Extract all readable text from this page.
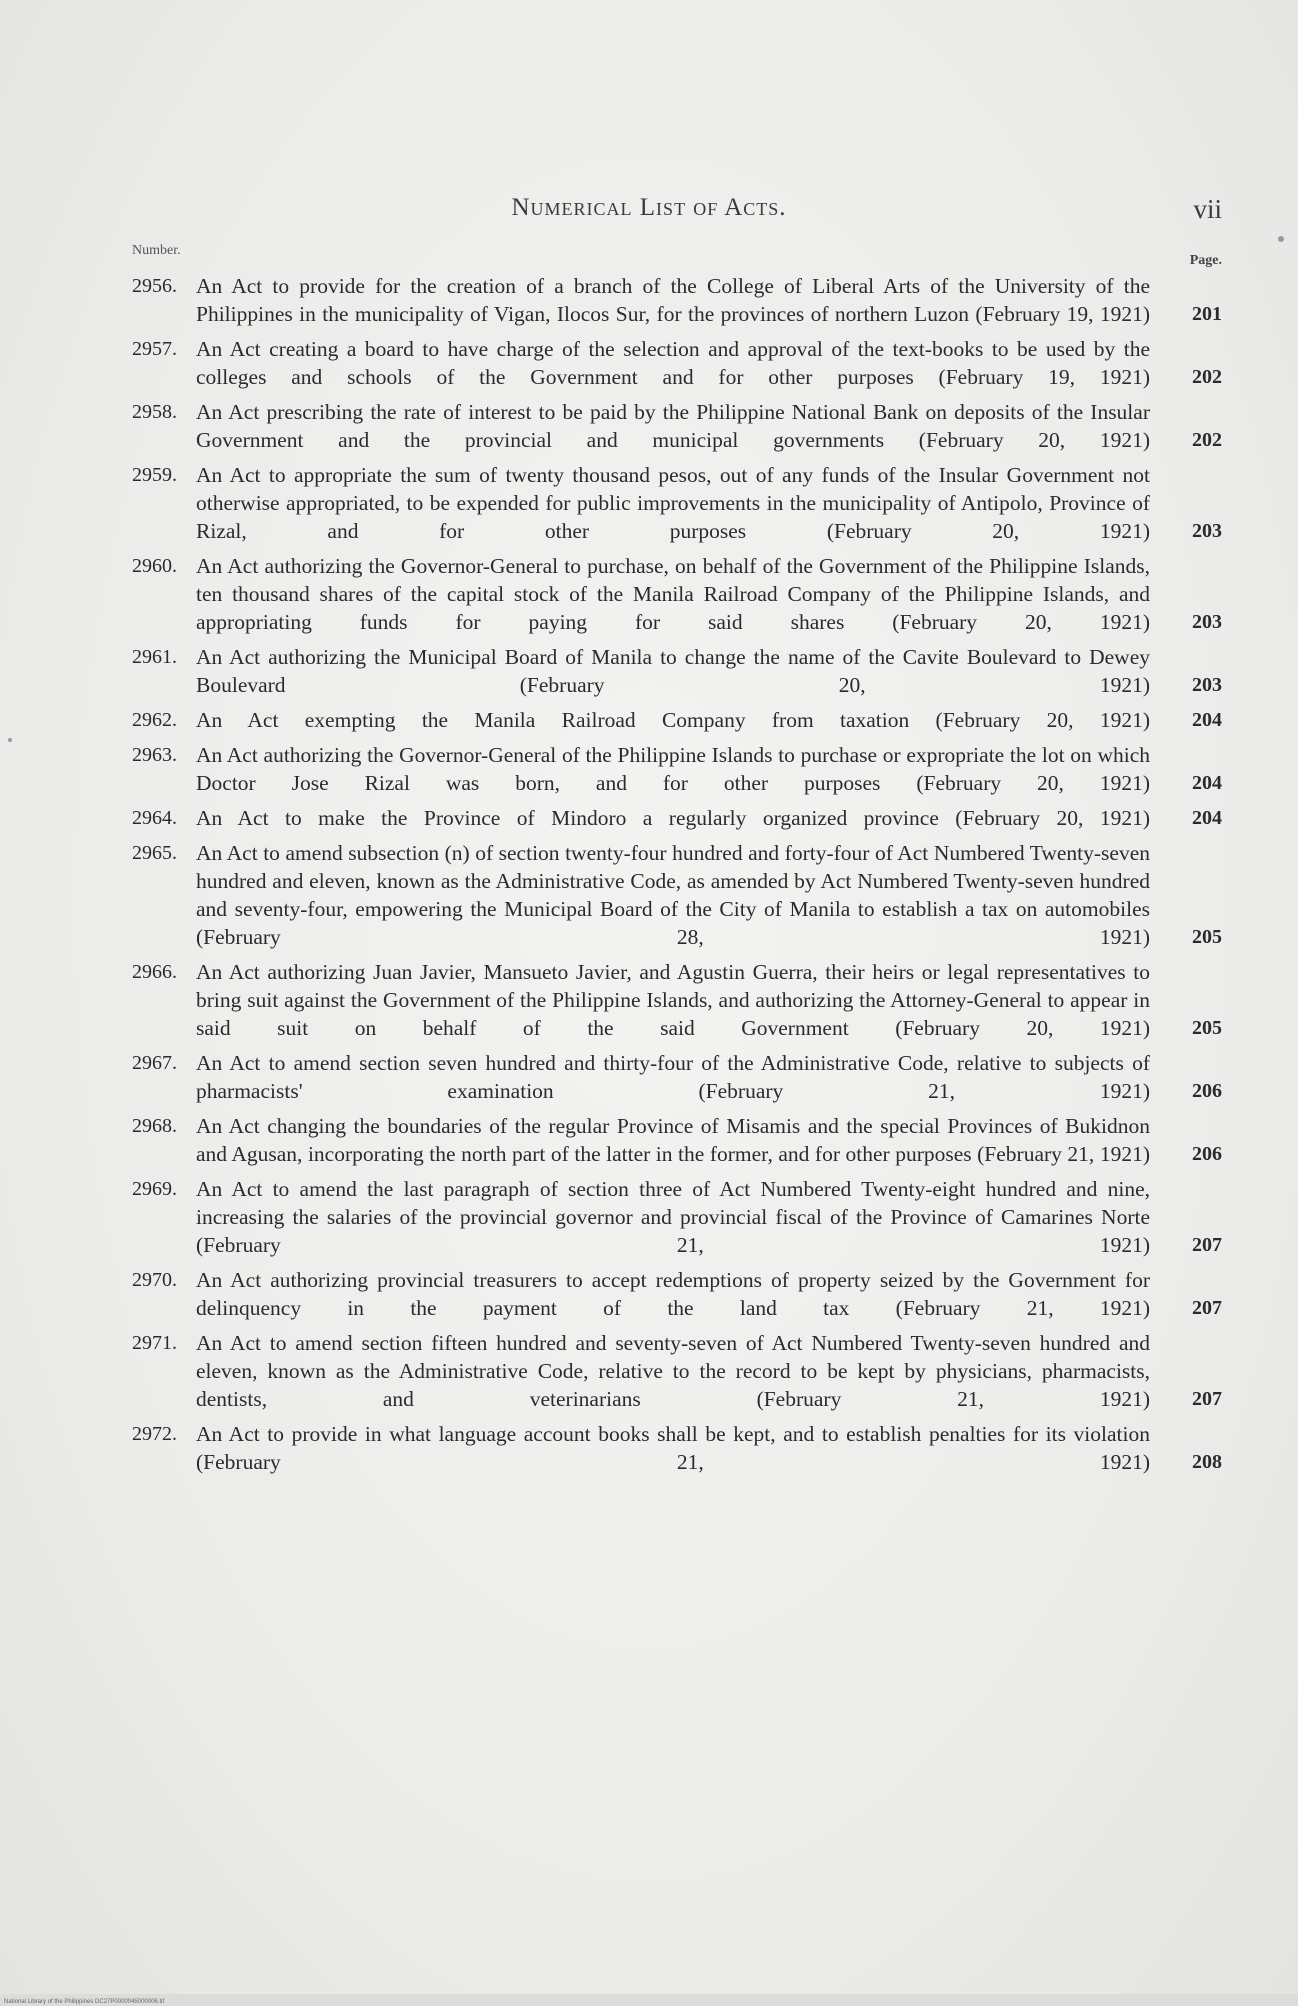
Numerical List of Acts.	vii
Number.
Page.
2956. An Act to provide for the creation of a branch of the College of Liberal Arts of the University of the Philippines in the municipality of Vigan, Ilocos Sur, for the provinces of northern Luzon (February 19, 1921) .....	201
2957. An Act creating a board to have charge of the selection and approval of the text-books to be used by the colleges and schools of the Government and for other purposes (February 19, 1921) .....	202
2958. An Act prescribing the rate of interest to be paid by the Philippine National Bank on deposits of the Insular Government and the provincial and municipal governments (February 20, 1921) .....	202
2959. An Act to appropriate the sum of twenty thousand pesos, out of any funds of the Insular Government not otherwise appropriated, to be expended for public improvements in the municipality of Antipolo, Province of Rizal, and for other purposes (February 20, 1921) .....	203
2960. An Act authorizing the Governor-General to purchase, on behalf of the Government of the Philippine Islands, ten thousand shares of the capital stock of the Manila Railroad Company of the Philippine Islands, and appropriating funds for paying for said shares (February 20, 1921) .....	203
2961. An Act authorizing the Municipal Board of Manila to change the name of the Cavite Boulevard to Dewey Boulevard (February 20, 1921) .....	203
2962. An Act exempting the Manila Railroad Company from taxation (February 20, 1921) .....	204
2963. An Act authorizing the Governor-General of the Philippine Islands to purchase or expropriate the lot on which Doctor Jose Rizal was born, and for other purposes (February 20, 1921) .....	204
2964. An Act to make the Province of Mindoro a regularly organized province (February 20, 1921) .....	204
2965. An Act to amend subsection (n) of section twenty-four hundred and forty-four of Act Numbered Twenty-seven hundred and eleven, known as the Administrative Code, as amended by Act Numbered Twenty-seven hundred and seventy-four, empowering the Municipal Board of the City of Manila to establish a tax on automobiles (February 28, 1921) .....	205
2966. An Act authorizing Juan Javier, Mansueto Javier, and Agustin Guerra, their heirs or legal representatives to bring suit against the Government of the Philippine Islands, and authorizing the Attorney-General to appear in said suit on behalf of the said Government (February 20, 1921) .....	205
2967. An Act to amend section seven hundred and thirty-four of the Administrative Code, relative to subjects of pharmacists' examination (February 21, 1921) .....	206
2968. An Act changing the boundaries of the regular Province of Misamis and the special Provinces of Bukidnon and Agusan, incorporating the north part of the latter in the former, and for other purposes (February 21, 1921) .....	206
2969. An Act to amend the last paragraph of section three of Act Numbered Twenty-eight hundred and nine, increasing the salaries of the provincial governor and provincial fiscal of the Province of Camarines Norte (February 21, 1921) .....	207
2970. An Act authorizing provincial treasurers to accept redemptions of property seized by the Government for delinquency in the payment of the land tax (February 21, 1921) .....	207
2971. An Act to amend section fifteen hundred and seventy-seven of Act Numbered Twenty-seven hundred and eleven, known as the Administrative Code, relative to the record to be kept by physicians, pharmacists, dentists, and veterinarians (February 21, 1921) .....	207
2972. An Act to provide in what language account books shall be kept, and to establish penalties for its violation (February 21, 1921) .....	208
National Library of the Philippines DC27P0000045000006.tif
